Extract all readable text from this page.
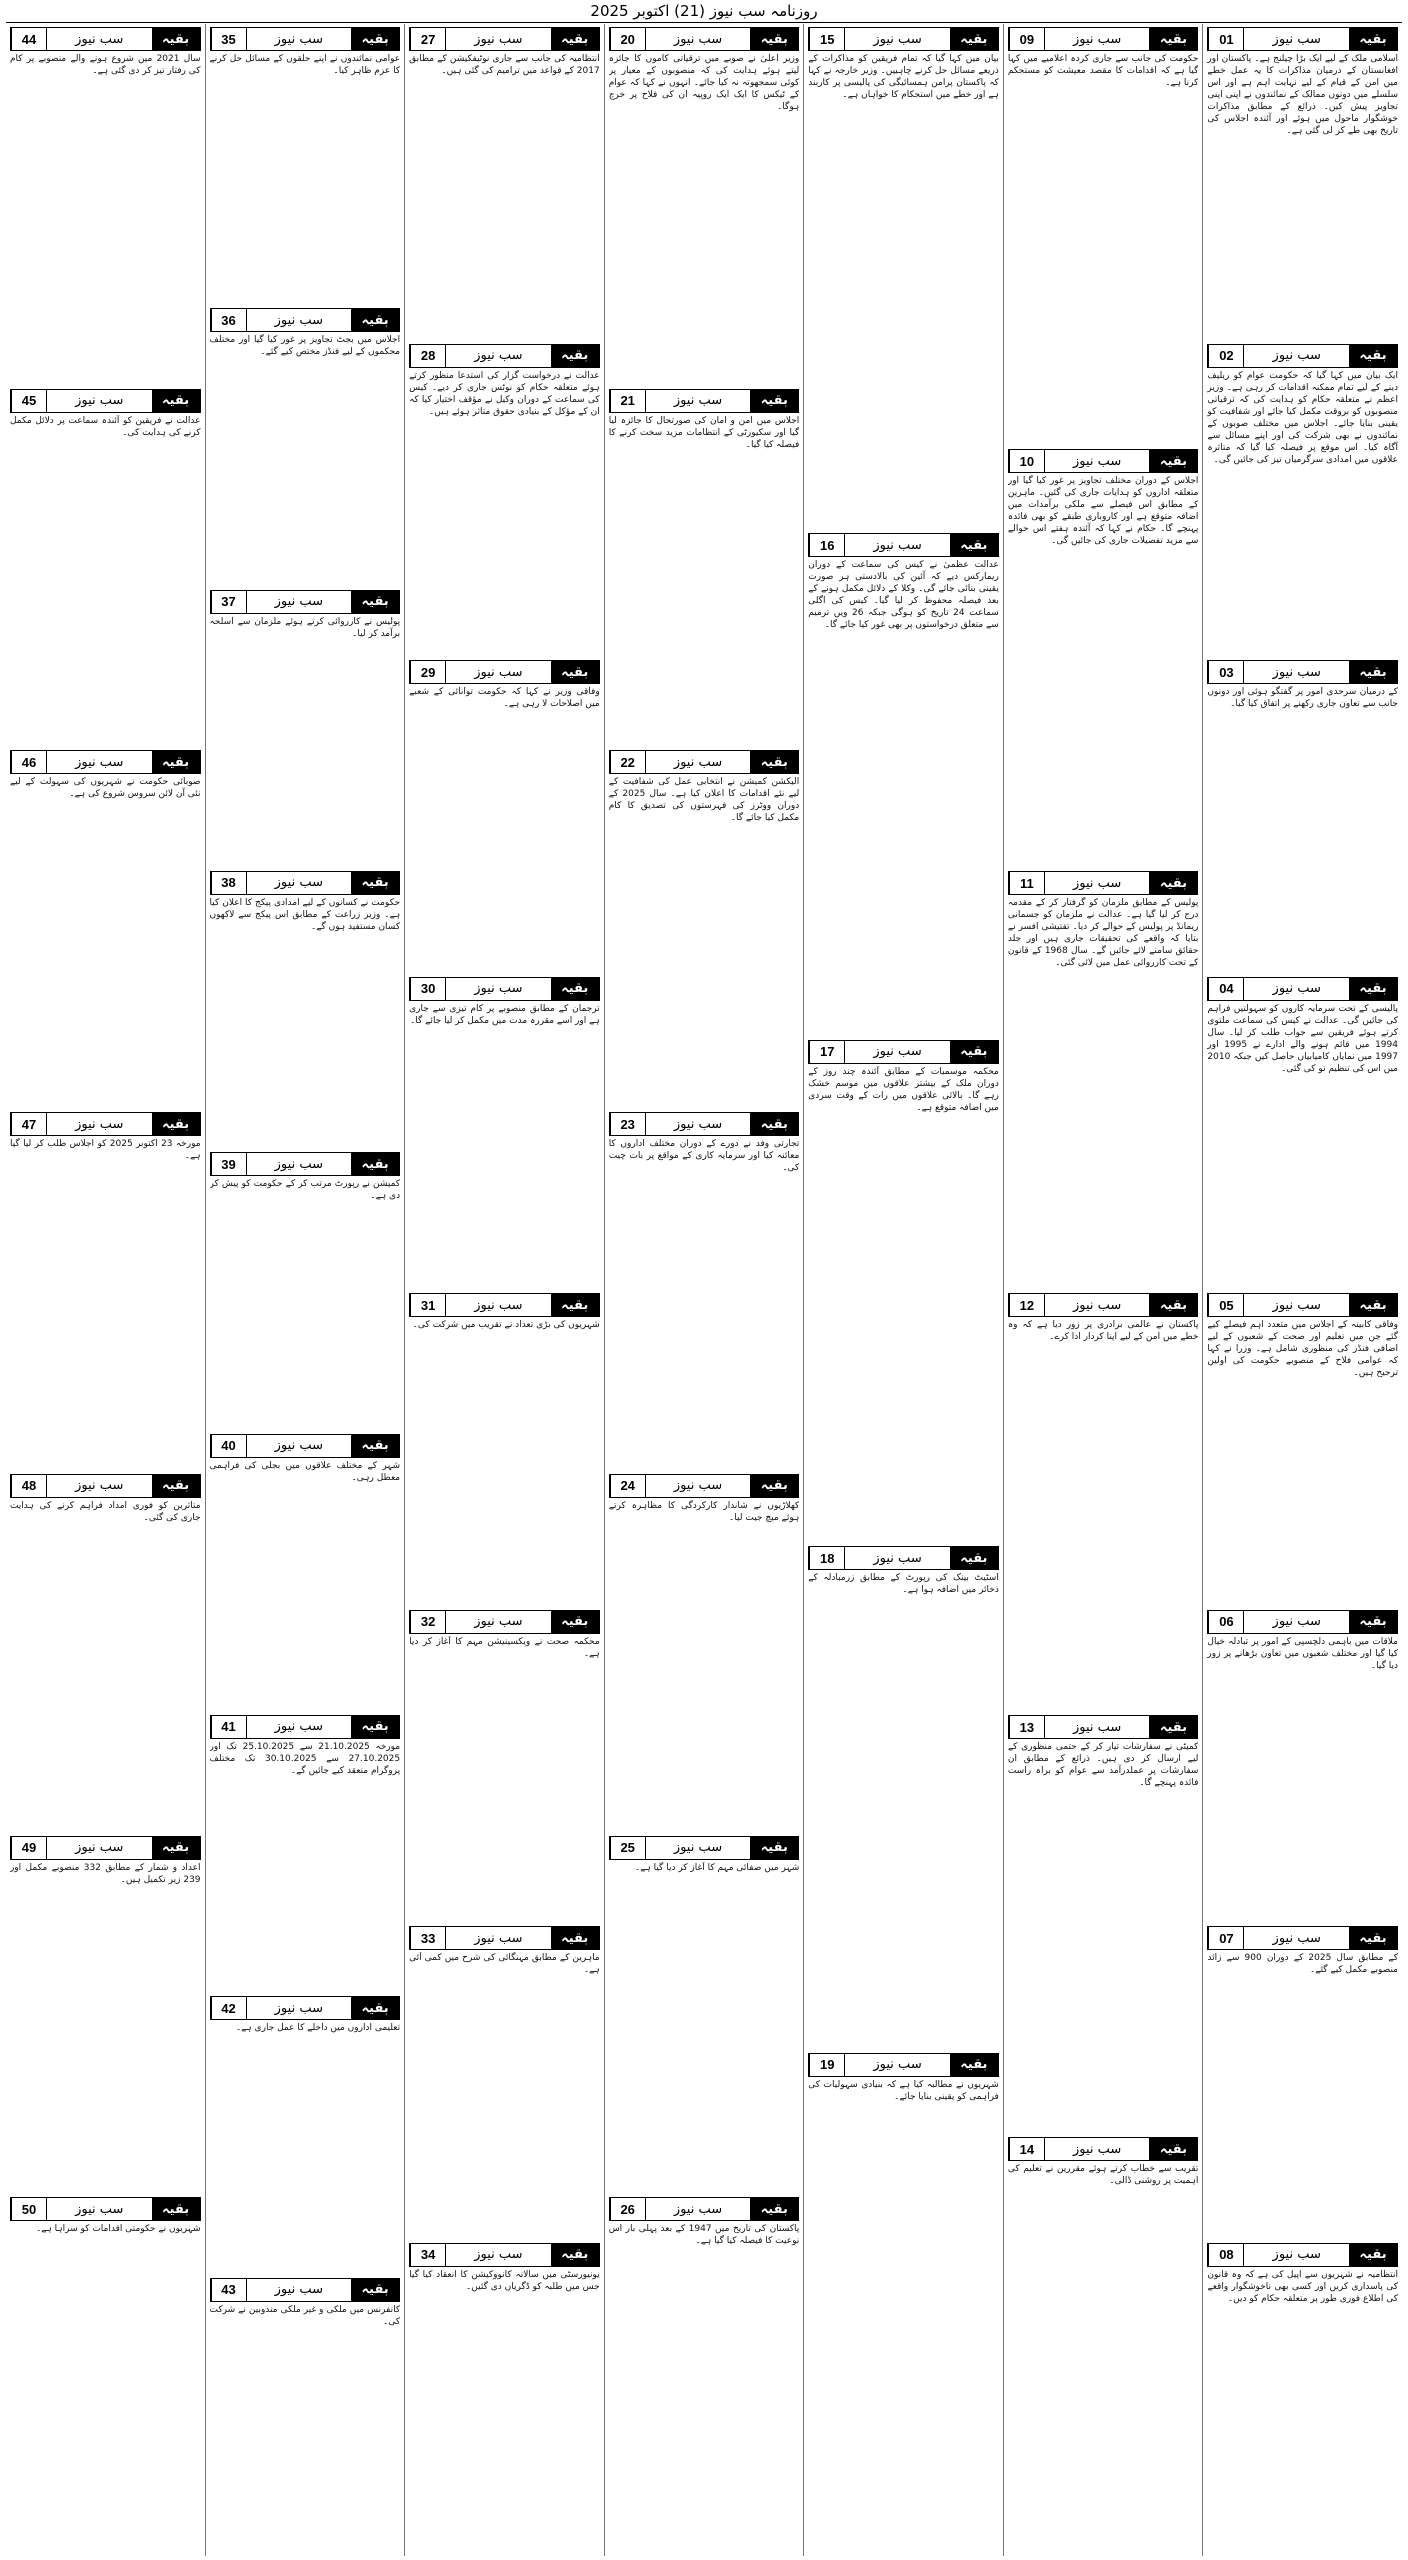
روزنامہ سب نیوز (21) اکتوبر 2025
بقیہ
سب نیوز
01
اسلامی ملک کے لیے ایک بڑا چیلنج ہے۔ پاکستان اور افغانستان کے درمیان مذاکرات کا یہ عمل خطے میں امن کے قیام کے لیے نہایت اہم ہے اور اس سلسلے میں دونوں ممالک کے نمائندوں نے اپنی اپنی تجاویز پیش کیں۔ ذرائع کے مطابق مذاکرات خوشگوار ماحول میں ہوئے اور آئندہ اجلاس کی تاریخ بھی طے کر لی گئی ہے۔
بقیہ
سب نیوز
02
ایک بیان میں کہا گیا کہ حکومت عوام کو ریلیف دینے کے لیے تمام ممکنہ اقدامات کر رہی ہے۔ وزیر اعظم نے متعلقہ حکام کو ہدایت کی کہ ترقیاتی منصوبوں کو بروقت مکمل کیا جائے اور شفافیت کو یقینی بنایا جائے۔ اجلاس میں مختلف صوبوں کے نمائندوں نے بھی شرکت کی اور اپنے مسائل سے آگاہ کیا۔ اس موقع پر فیصلہ کیا گیا کہ متاثرہ علاقوں میں امدادی سرگرمیاں تیز کی جائیں گی۔
بقیہ
سب نیوز
03
کے درمیان سرحدی امور پر گفتگو ہوئی اور دونوں جانب سے تعاون جاری رکھنے پر اتفاق کیا گیا۔
بقیہ
سب نیوز
04
پالیسی کے تحت سرمایہ کاروں کو سہولتیں فراہم کی جائیں گی۔ عدالت نے کیس کی سماعت ملتوی کرتے ہوئے فریقین سے جواب طلب کر لیا۔ سال 1994 میں قائم ہونے والے ادارے نے 1995 اور 1997 میں نمایاں کامیابیاں حاصل کیں جبکہ 2010 میں اس کی تنظیم نو کی گئی۔
بقیہ
سب نیوز
05
وفاقی کابینہ کے اجلاس میں متعدد اہم فیصلے کیے گئے جن میں تعلیم اور صحت کے شعبوں کے لیے اضافی فنڈز کی منظوری شامل ہے۔ وزرا نے کہا کہ عوامی فلاح کے منصوبے حکومت کی اولین ترجیح ہیں۔
بقیہ
سب نیوز
06
ملاقات میں باہمی دلچسپی کے امور پر تبادلہ خیال کیا گیا اور مختلف شعبوں میں تعاون بڑھانے پر زور دیا گیا۔
بقیہ
سب نیوز
07
کے مطابق سال 2025 کے دوران 900 سے زائد منصوبے مکمل کیے گئے۔
بقیہ
سب نیوز
08
انتظامیہ نے شہریوں سے اپیل کی ہے کہ وہ قانون کی پاسداری کریں اور کسی بھی ناخوشگوار واقعے کی اطلاع فوری طور پر متعلقہ حکام کو دیں۔
بقیہ
سب نیوز
09
حکومت کی جانب سے جاری کردہ اعلامیے میں کہا گیا ہے کہ اقدامات کا مقصد معیشت کو مستحکم کرنا ہے۔
بقیہ
سب نیوز
10
اجلاس کے دوران مختلف تجاویز پر غور کیا گیا اور متعلقہ اداروں کو ہدایات جاری کی گئیں۔ ماہرین کے مطابق اس فیصلے سے ملکی برآمدات میں اضافہ متوقع ہے اور کاروباری طبقے کو بھی فائدہ پہنچے گا۔ حکام نے کہا کہ آئندہ ہفتے اس حوالے سے مزید تفصیلات جاری کی جائیں گی۔
بقیہ
سب نیوز
11
پولیس کے مطابق ملزمان کو گرفتار کر کے مقدمہ درج کر لیا گیا ہے۔ عدالت نے ملزمان کو جسمانی ریمانڈ پر پولیس کے حوالے کر دیا۔ تفتیشی افسر نے بتایا کہ واقعے کی تحقیقات جاری ہیں اور جلد حقائق سامنے لائے جائیں گے۔ سال 1968 کے قانون کے تحت کارروائی عمل میں لائی گئی۔
بقیہ
سب نیوز
12
پاکستان نے عالمی برادری پر زور دیا ہے کہ وہ خطے میں امن کے لیے اپنا کردار ادا کرے۔
بقیہ
سب نیوز
13
کمیٹی نے سفارشات تیار کر کے حتمی منظوری کے لیے ارسال کر دی ہیں۔ ذرائع کے مطابق ان سفارشات پر عملدرآمد سے عوام کو براہ راست فائدہ پہنچے گا۔
بقیہ
سب نیوز
14
تقریب سے خطاب کرتے ہوئے مقررین نے تعلیم کی اہمیت پر روشنی ڈالی۔
بقیہ
سب نیوز
15
بیان میں کہا گیا کہ تمام فریقین کو مذاکرات کے ذریعے مسائل حل کرنے چاہییں۔ وزیر خارجہ نے کہا کہ پاکستان پرامن ہمسائیگی کی پالیسی پر کاربند ہے اور خطے میں استحکام کا خواہاں ہے۔
بقیہ
سب نیوز
16
عدالت عظمیٰ نے کیس کی سماعت کے دوران ریمارکس دیے کہ آئین کی بالادستی ہر صورت یقینی بنائی جائے گی۔ وکلا کے دلائل مکمل ہونے کے بعد فیصلہ محفوظ کر لیا گیا۔ کیس کی اگلی سماعت 24 تاریخ کو ہوگی جبکہ 26 ویں ترمیم سے متعلق درخواستوں پر بھی غور کیا جائے گا۔
بقیہ
سب نیوز
17
محکمہ موسمیات کے مطابق آئندہ چند روز کے دوران ملک کے بیشتر علاقوں میں موسم خشک رہے گا۔ بالائی علاقوں میں رات کے وقت سردی میں اضافہ متوقع ہے۔
بقیہ
سب نیوز
18
اسٹیٹ بینک کی رپورٹ کے مطابق زرمبادلہ کے ذخائر میں اضافہ ہوا ہے۔
بقیہ
سب نیوز
19
شہریوں نے مطالبہ کیا ہے کہ بنیادی سہولیات کی فراہمی کو یقینی بنایا جائے۔
بقیہ
سب نیوز
20
وزیر اعلیٰ نے صوبے میں ترقیاتی کاموں کا جائزہ لیتے ہوئے ہدایت کی کہ منصوبوں کے معیار پر کوئی سمجھوتہ نہ کیا جائے۔ انہوں نے کہا کہ عوام کے ٹیکس کا ایک ایک روپیہ ان کی فلاح پر خرچ ہوگا۔
بقیہ
سب نیوز
21
اجلاس میں امن و امان کی صورتحال کا جائزہ لیا گیا اور سکیورٹی کے انتظامات مزید سخت کرنے کا فیصلہ کیا گیا۔
بقیہ
سب نیوز
22
الیکشن کمیشن نے انتخابی عمل کی شفافیت کے لیے نئے اقدامات کا اعلان کیا ہے۔ سال 2025 کے دوران ووٹرز کی فہرستوں کی تصدیق کا کام مکمل کیا جائے گا۔
بقیہ
سب نیوز
23
تجارتی وفد نے دورے کے دوران مختلف اداروں کا معائنہ کیا اور سرمایہ کاری کے مواقع پر بات چیت کی۔
بقیہ
سب نیوز
24
کھلاڑیوں نے شاندار کارکردگی کا مظاہرہ کرتے ہوئے میچ جیت لیا۔
بقیہ
سب نیوز
25
شہر میں صفائی مہم کا آغاز کر دیا گیا ہے۔
بقیہ
سب نیوز
26
پاکستان کی تاریخ میں 1947 کے بعد پہلی بار اس نوعیت کا فیصلہ کیا گیا ہے۔
بقیہ
سب نیوز
27
انتظامیہ کی جانب سے جاری نوٹیفکیشن کے مطابق 2017 کے قواعد میں ترامیم کی گئی ہیں۔
بقیہ
سب نیوز
28
عدالت نے درخواست گزار کی استدعا منظور کرتے ہوئے متعلقہ حکام کو نوٹس جاری کر دیے۔ کیس کی سماعت کے دوران وکیل نے مؤقف اختیار کیا کہ ان کے مؤکل کے بنیادی حقوق متاثر ہوئے ہیں۔
بقیہ
سب نیوز
29
وفاقی وزیر نے کہا کہ حکومت توانائی کے شعبے میں اصلاحات لا رہی ہے۔
بقیہ
سب نیوز
30
ترجمان کے مطابق منصوبے پر کام تیزی سے جاری ہے اور اسے مقررہ مدت میں مکمل کر لیا جائے گا۔
بقیہ
سب نیوز
31
شہریوں کی بڑی تعداد نے تقریب میں شرکت کی۔
بقیہ
سب نیوز
32
محکمہ صحت نے ویکسینیشن مہم کا آغاز کر دیا ہے۔
بقیہ
سب نیوز
33
ماہرین کے مطابق مہنگائی کی شرح میں کمی آئی ہے۔
بقیہ
سب نیوز
34
یونیورسٹی میں سالانہ کانووکیشن کا انعقاد کیا گیا جس میں طلبہ کو ڈگریاں دی گئیں۔
بقیہ
سب نیوز
35
عوامی نمائندوں نے اپنے حلقوں کے مسائل حل کرنے کا عزم ظاہر کیا۔
بقیہ
سب نیوز
36
اجلاس میں بجٹ تجاویز پر غور کیا گیا اور مختلف محکموں کے لیے فنڈز مختص کیے گئے۔
بقیہ
سب نیوز
37
پولیس نے کارروائی کرتے ہوئے ملزمان سے اسلحہ برآمد کر لیا۔
بقیہ
سب نیوز
38
حکومت نے کسانوں کے لیے امدادی پیکج کا اعلان کیا ہے۔ وزیر زراعت کے مطابق اس پیکج سے لاکھوں کسان مستفید ہوں گے۔
بقیہ
سب نیوز
39
کمیشن نے رپورٹ مرتب کر کے حکومت کو پیش کر دی ہے۔
بقیہ
سب نیوز
40
شہر کے مختلف علاقوں میں بجلی کی فراہمی معطل رہی۔
بقیہ
سب نیوز
41
مورخہ 21.10.2025 سے 25.10.2025 تک اور 27.10.2025 سے 30.10.2025 تک مختلف پروگرام منعقد کیے جائیں گے۔
بقیہ
سب نیوز
42
تعلیمی اداروں میں داخلے کا عمل جاری ہے۔
بقیہ
سب نیوز
43
کانفرنس میں ملکی و غیر ملکی مندوبین نے شرکت کی۔
بقیہ
سب نیوز
44
سال 2021 میں شروع ہونے والے منصوبے پر کام کی رفتار تیز کر دی گئی ہے۔
بقیہ
سب نیوز
45
عدالت نے فریقین کو آئندہ سماعت پر دلائل مکمل کرنے کی ہدایت کی۔
بقیہ
سب نیوز
46
صوبائی حکومت نے شہریوں کی سہولت کے لیے نئی آن لائن سروس شروع کی ہے۔
بقیہ
سب نیوز
47
مورخہ 23 اکتوبر 2025 کو اجلاس طلب کر لیا گیا ہے۔
بقیہ
سب نیوز
48
متاثرین کو فوری امداد فراہم کرنے کی ہدایت جاری کی گئی۔
بقیہ
سب نیوز
49
اعداد و شمار کے مطابق 332 منصوبے مکمل اور 239 زیر تکمیل ہیں۔
بقیہ
سب نیوز
50
شہریوں نے حکومتی اقدامات کو سراہا ہے۔
